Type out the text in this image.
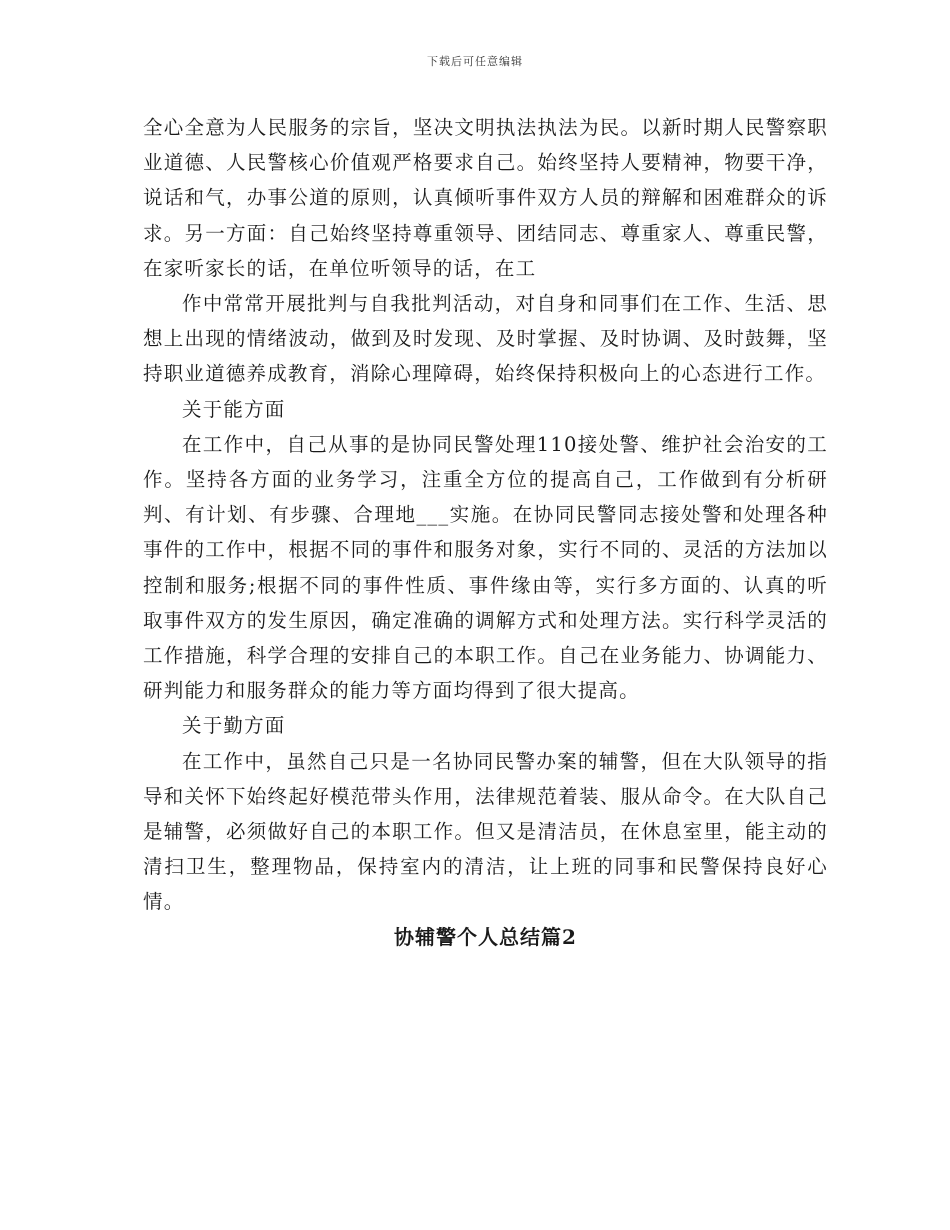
下载后可任意编辑

全心全意为人民服务的宗旨，坚决文明执法执法为民。以新时期人民警察职业道德、人民警核心价值观严格要求自己。始终坚持人要精神，物要干净，说话和气，办事公道的原则，认真倾听事件双方人员的辩解和困难群众的诉求。另一方面：自己始终坚持尊重领导、团结同志、尊重家人、尊重民警，在家听家长的话，在单位听领导的话，在工

作中常常开展批判与自我批判活动，对自身和同事们在工作、生活、思想上出现的情绪波动，做到及时发现、及时掌握、及时协调、及时鼓舞，坚持职业道德养成教育，消除心理障碍，始终保持积极向上的心态进行工作。

关于能方面

在工作中，自己从事的是协同民警处理110接处警、维护社会治安的工作。坚持各方面的业务学习，注重全方位的提高自己，工作做到有分析研判、有计划、有步骤、合理地___实施。在协同民警同志接处警和处理各种事件的工作中，根据不同的事件和服务对象，实行不同的、灵活的方法加以控制和服务;根据不同的事件性质、事件缘由等，实行多方面的、认真的听取事件双方的发生原因，确定准确的调解方式和处理方法。实行科学灵活的工作措施，科学合理的安排自己的本职工作。自己在业务能力、协调能力、研判能力和服务群众的能力等方面均得到了很大提高。

关于勤方面

在工作中，虽然自己只是一名协同民警办案的辅警，但在大队领导的指导和关怀下始终起好模范带头作用，法律规范着装、服从命令。在大队自己是辅警，必须做好自己的本职工作。但又是清洁员，在休息室里，能主动的清扫卫生，整理物品，保持室内的清洁，让上班的同事和民警保持良好心情。

协辅警个人总结篇2
